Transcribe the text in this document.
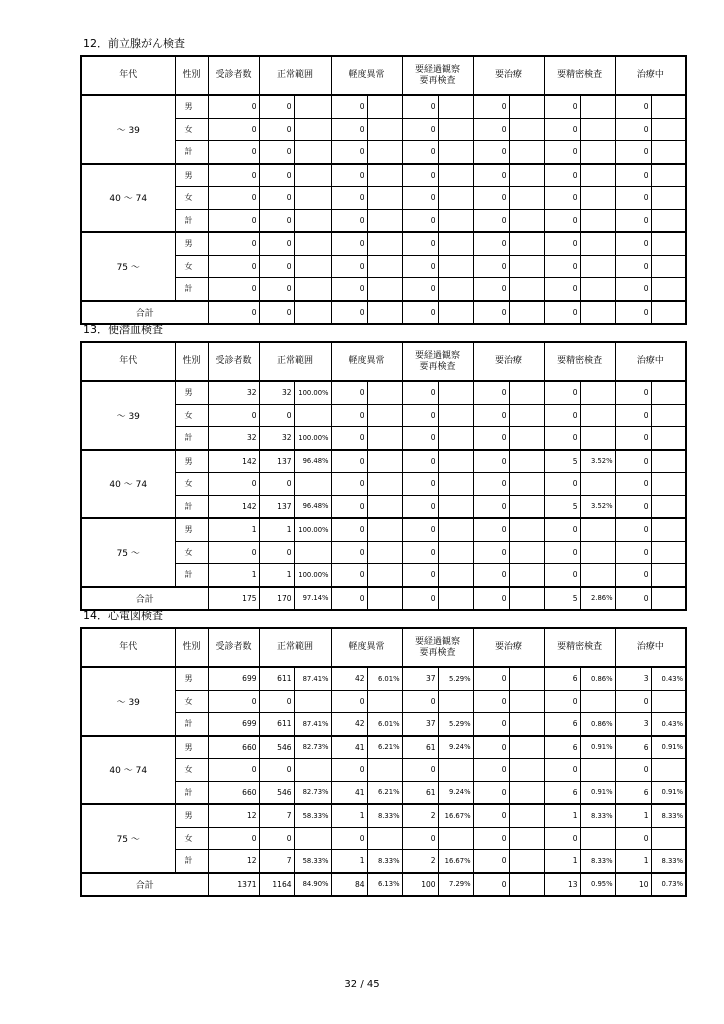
12．前立腺がん検査
年代	性別	受診者数	正常範囲		軽度異常		要経過観察
要再検査		要治療		要精密検査		治療中	
～ 39	男	0	0		0		0		0		0		0	
	女	0	0		0		0		0		0		0	
	計	0	0		0		0		0		0		0	
40 ～ 74	男	0	0		0		0		0		0		0	
	女	0	0		0		0		0		0		0	
	計	0	0		0		0		0		0		0	
75 ～	男	0	0		0		0		0		0		0	
	女	0	0		0		0		0		0		0	
	計	0	0		0		0		0		0		0	
合計		0	0		0		0		0		0		0	
13．便潜血検査
年代	性別	受診者数	正常範囲		軽度異常		要経過観察
要再検査		要治療		要精密検査		治療中	
～ 39	男	32	32	100.00%	0		0		0		0		0	
	女	0	0		0		0		0		0		0	
	計	32	32	100.00%	0		0		0		0		0	
40 ～ 74	男	142	137	96.48%	0		0		0		5	3.52%	0	
	女	0	0		0		0		0		0		0	
	計	142	137	96.48%	0		0		0		5	3.52%	0	
75 ～	男	1	1	100.00%	0		0		0		0		0	
	女	0	0		0		0		0		0		0	
	計	1	1	100.00%	0		0		0		0		0	
合計		175	170	97.14%	0		0		0		5	2.86%	0	
14．心電図検査
年代	性別	受診者数	正常範囲		軽度異常		要経過観察
要再検査		要治療		要精密検査		治療中	
～ 39	男	699	611	87.41%	42	6.01%	37	5.29%	0		6	0.86%	3	0.43%
	女	0	0		0		0		0		0		0	
	計	699	611	87.41%	42	6.01%	37	5.29%	0		6	0.86%	3	0.43%
40 ～ 74	男	660	546	82.73%	41	6.21%	61	9.24%	0		6	0.91%	6	0.91%
	女	0	0		0		0		0		0		0	
	計	660	546	82.73%	41	6.21%	61	9.24%	0		6	0.91%	6	0.91%
75 ～	男	12	7	58.33%	1	8.33%	2	16.67%	0		1	8.33%	1	8.33%
	女	0	0		0		0		0		0		0	
	計	12	7	58.33%	1	8.33%	2	16.67%	0		1	8.33%	1	8.33%
合計		1371	1164	84.90%	84	6.13%	100	7.29%	0		13	0.95%	10	0.73%
32 / 45
